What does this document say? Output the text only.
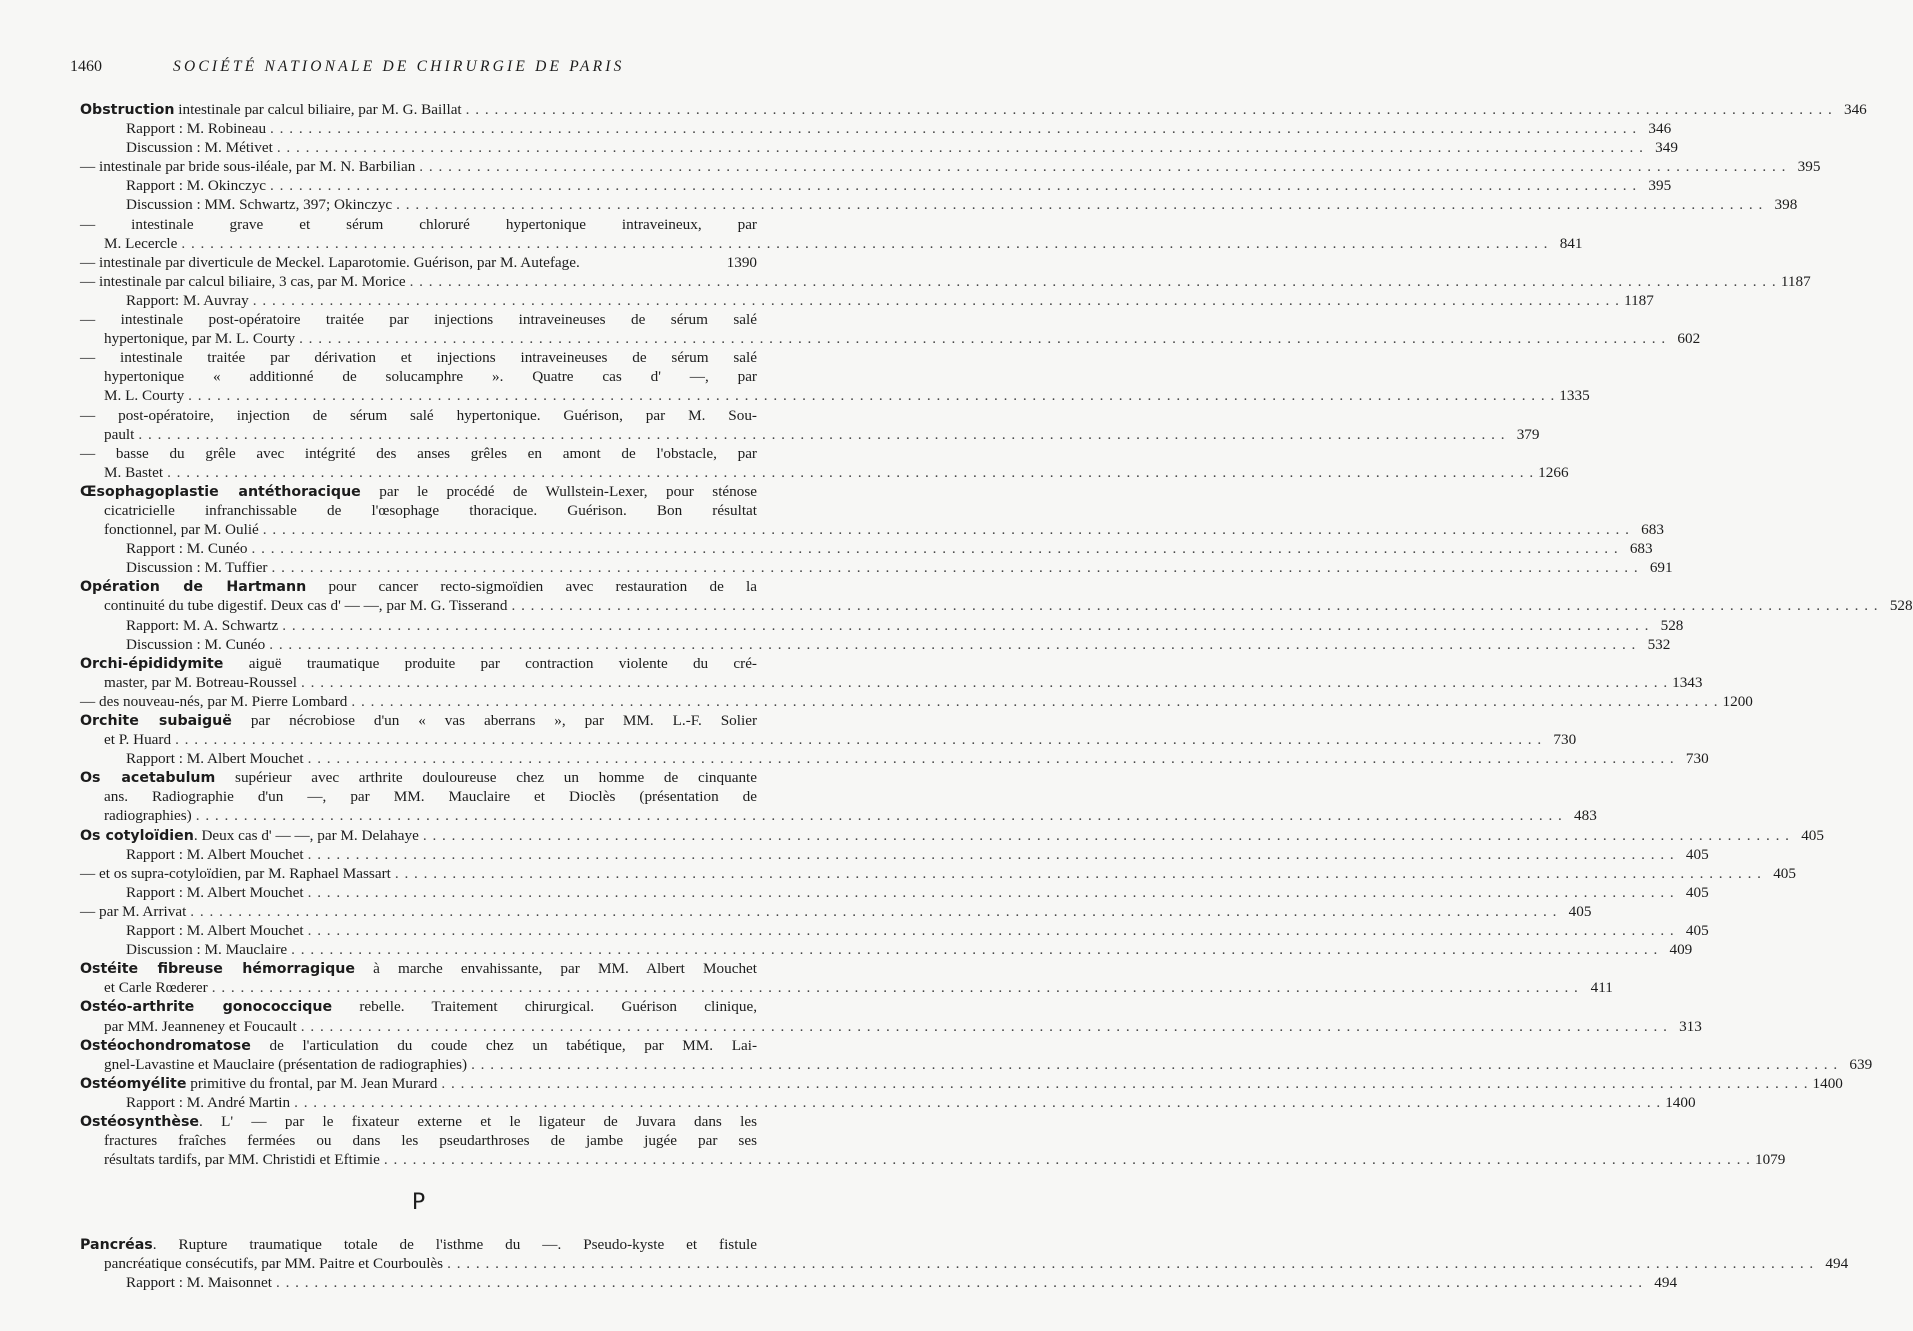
1460	SOCIÉTÉ NATIONALE DE CHIRURGIE DE PARIS
Obstruction intestinale par calcul biliaire, par M. G. Baillat . . .	346
Rapport : M. Robineau . . .	346
Discussion : M. Métivet . . .	349
— intestinale par bride sous-iléale, par M. N. Barbilian . . .	395
Rapport : M. Okinczyc . . .	395
Discussion : MM. Schwartz, 397; Okinczyc . . .	398
— intestinale grave et sérum chloruré hypertonique intraveineux, par
M. Lecercle . . .	841
— intestinale par diverticule de Meckel. Laparotomie. Guérison, par M. Autefage.	1390
— intestinale par calcul biliaire, 3 cas, par M. Morice . . .	1187
Rapport: M. Auvray . . .	1187
— intestinale post-opératoire traitée par injections intraveineuses de sérum salé
hypertonique, par M. L. Courty . . .	602
— intestinale traitée par dérivation et injections intraveineuses de sérum salé
hypertonique « additionné de solucamphre ». Quatre cas d' —, par
M. L. Courty . . .	1335
— post-opératoire, injection de sérum salé hypertonique. Guérison, par M. Sou-
pault . . .	379
— basse du grêle avec intégrité des anses grêles en amont de l'obstacle, par
M. Bastet . . .	1266
Œsophagoplastie antéthoracique par le procédé de Wullstein-Lexer, pour sténose
cicatricielle infranchissable de l'œsophage thoracique. Guérison. Bon résultat
fonctionnel, par M. Oulié . . .	683
Rapport : M. Cunéo . . .	683
Discussion : M. Tuffier . . .	691
Opération de Hartmann pour cancer recto-sigmoïdien avec restauration de la
continuité du tube digestif. Deux cas d' — —, par M. G. Tisserand . . .	528
Rapport: M. A. Schwartz . . .	528
Discussion : M. Cunéo . . .	532
Orchi-épididymite aiguë traumatique produite par contraction violente du cré-
master, par M. Botreau-Roussel . . .	1343
— des nouveau-nés, par M. Pierre Lombard . . .	1200
Orchite subaiguë par nécrobiose d'un « vas aberrans », par MM. L.-F. Solier
et P. Huard . . .	730
Rapport : M. Albert Mouchet . . .	730
Os acetabulum supérieur avec arthrite douloureuse chez un homme de cinquante
ans. Radiographie d'un —, par MM. Mauclaire et Dioclès (présentation de
radiographies) . . .	483
Os cotyloïdien. Deux cas d' — —, par M. Delahaye . . .	405
Rapport : M. Albert Mouchet . . .	405
— et os supra-cotyloïdien, par M. Raphael Massart . . .	405
Rapport : M. Albert Mouchet . . .	405
— par M. Arrivat . . .	405
Rapport : M. Albert Mouchet . . .	405
Discussion : M. Mauclaire . . .	409
Ostéite fibreuse hémorragique à marche envahissante, par MM. Albert Mouchet
et Carle Rœderer . . .	411
Ostéo-arthrite gonococcique rebelle. Traitement chirurgical. Guérison clinique,
par MM. Jeanneney et Foucault . . .	313
Ostéochondromatose de l'articulation du coude chez un tabétique, par MM. Lai-
gnel-Lavastine et Mauclaire (présentation de radiographies) . . .	639
Ostéomyélite primitive du frontal, par M. Jean Murard . . .	1400
Rapport : M. André Martin . . .	1400
Ostéosynthèse. L' — par le fixateur externe et le ligateur de Juvara dans les
fractures fraîches fermées ou dans les pseudarthroses de jambe jugée par ses
résultats tardifs, par MM. Christidi et Eftimie . . .	1079
P
Pancréas. Rupture traumatique totale de l'isthme du —. Pseudo-kyste et fistule
pancréatique consécutifs, par MM. Paitre et Courboulès . . .	494
Rapport : M. Maisonnet . . .	494
